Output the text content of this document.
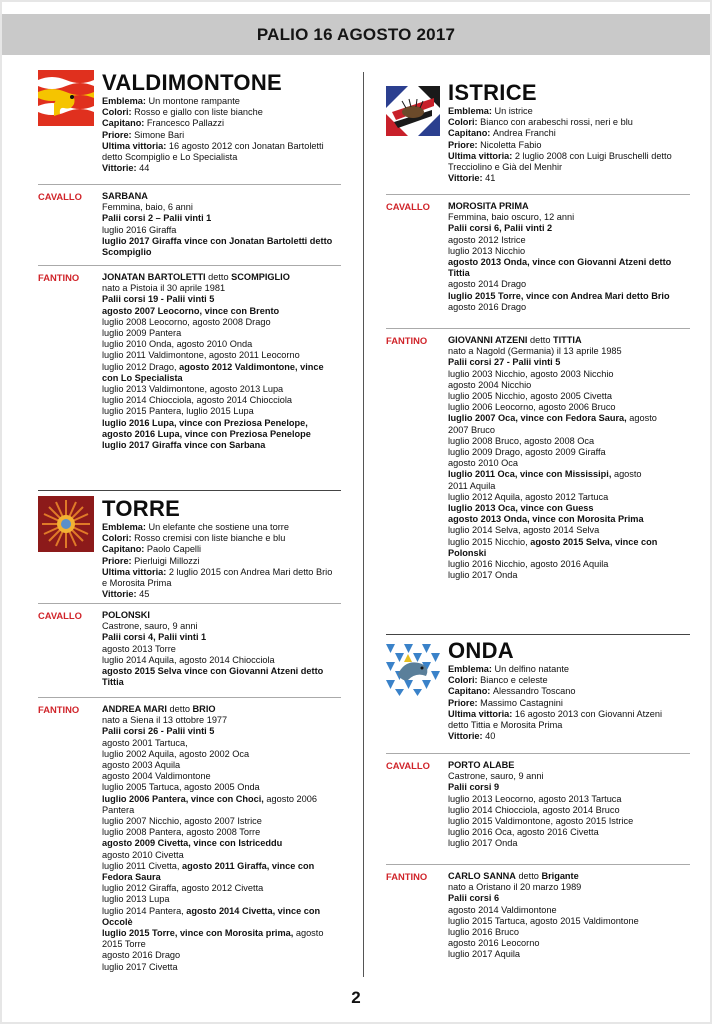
PALIO 16 AGOSTO 2017
VALDIMONTONE
Emblema: Un montone rampante
Colori: Rosso e giallo con liste bianche
Capitano: Francesco Pallazzi
Priore: Simone Bari
Ultima vittoria: 16 agosto 2012 con Jonatan Bartoletti
detto Scompiglio e Lo Specialista
Vittorie: 44
CAVALLO SARBANA
Femmina, baio, 6 anni
Palii corsi 2 – Palii vinti 1
luglio 2016 Giraffa
luglio 2017 Giraffa vince con Jonatan Bartoletti detto
Scompiglio
FANTINO JONATAN BARTOLETTI detto SCOMPIGLIO
nato a Pistoia il 30 aprile 1981
Palii corsi 19 - Palii vinti 5
agosto 2007 Leocorno, vince con Brento
luglio 2008 Leocorno, agosto 2008 Drago
luglio 2009 Pantera
luglio 2010 Onda, agosto 2010 Onda
luglio 2011 Valdimontone, agosto 2011 Leocorno
luglio 2012 Drago, agosto 2012 Valdimontone, vince
con Lo Specialista
luglio 2013 Valdimontone, agosto 2013 Lupa
luglio 2014 Chiocciola, agosto 2014 Chiocciola
luglio 2015 Pantera, luglio 2015 Lupa
luglio 2016 Lupa, vince con Preziosa Penelope,
agosto 2016 Lupa, vince con Preziosa Penelope
luglio 2017 Giraffa vince con Sarbana
TORRE
Emblema: Un elefante che sostiene una torre
Colori: Rosso cremisi con liste bianche e blu
Capitano: Paolo Capelli
Priore: Pierluigi Millozzi
Ultima vittoria: 2 luglio 2015 con Andrea Mari detto Brio
e Morosita Prima
Vittorie: 45
CAVALLO POLONSKI
Castrone, sauro, 9 anni
Palii corsi 4, Palii vinti 1
agosto 2013 Torre
luglio 2014 Aquila, agosto 2014 Chiocciola
agosto 2015 Selva vince con Giovanni Atzeni detto
Tittia
FANTINO ANDREA MARI detto BRIO
nato a Siena il 13 ottobre 1977
Palii corsi 26 - Palii vinti 5
agosto 2001 Tartuca,
luglio 2002 Aquila, agosto 2002 Oca
agosto 2003 Aquila
agosto 2004 Valdimontone
luglio 2005 Tartuca, agosto 2005 Onda
luglio 2006 Pantera, vince con Choci, agosto 2006
Pantera
luglio 2007 Nicchio, agosto 2007 Istrice
luglio 2008 Pantera, agosto 2008 Torre
agosto 2009 Civetta, vince con Istriceddu
agosto 2010 Civetta
luglio 2011 Civetta, agosto 2011 Giraffa, vince con
Fedora Saura
luglio 2012 Giraffa, agosto 2012 Civetta
luglio 2013 Lupa
luglio 2014 Pantera, agosto 2014 Civetta, vince con
Occolè
luglio 2015 Torre, vince con Morosita prima, agosto
2015 Torre
agosto 2016 Drago
luglio 2017 Civetta
ISTRICE
Emblema: Un istrice
Colori: Bianco con arabeschi rossi, neri e blu
Capitano: Andrea Franchi
Priore: Nicoletta Fabio
Ultima vittoria: 2 luglio 2008 con Luigi Bruschelli detto
Trecciolino e Già del Menhir
Vittorie: 41
CAVALLO MOROSITA PRIMA
Femmina, baio oscuro, 12 anni
Palii corsi 6, Palii vinti 2
agosto 2012 Istrice
luglio 2013 Nicchio
agosto 2013 Onda, vince con Giovanni Atzeni detto
Tittia
agosto 2014 Drago
luglio 2015 Torre, vince con Andrea Mari detto Brio
agosto 2016 Drago
FANTINO GIOVANNI ATZENI detto TITTIA
nato a Nagold (Germania) il 13 aprile 1985
Palii corsi 27 - Palii vinti 5
luglio 2003 Nicchio, agosto 2003 Nicchio
agosto 2004 Nicchio
luglio 2005 Nicchio, agosto 2005 Civetta
luglio 2006 Leocorno, agosto 2006 Bruco
luglio 2007 Oca, vince con Fedora Saura, agosto
2007 Bruco
luglio 2008 Bruco, agosto 2008 Oca
luglio 2009 Drago, agosto 2009 Giraffa
agosto 2010 Oca
luglio 2011 Oca, vince con Mississipi, agosto
2011 Aquila
luglio 2012 Aquila, agosto 2012 Tartuca
luglio 2013 Oca, vince con Guess
agosto 2013 Onda, vince con Morosita Prima
luglio 2014 Selva, agosto 2014 Selva
luglio 2015 Nicchio, agosto 2015 Selva, vince con
Polonski
luglio 2016 Nicchio, agosto 2016 Aquila
luglio 2017 Onda
ONDA
Emblema: Un delfino natante
Colori: Bianco e celeste
Capitano: Alessandro Toscano
Priore: Massimo Castagnini
Ultima vittoria: 16 agosto 2013 con Giovanni Atzeni
detto Tittia e Morosita Prima
Vittorie: 40
CAVALLO PORTO ALABE
Castrone, sauro, 9 anni
Palii corsi 9
luglio 2013 Leocorno, agosto 2013 Tartuca
luglio 2014 Chiocciola, agosto 2014 Bruco
luglio 2015 Valdimontone, agosto 2015 Istrice
luglio 2016 Oca, agosto 2016 Civetta
luglio 2017 Onda
FANTINO CARLO SANNA detto Brigante
nato a Oristano il 20 marzo 1989
Palii corsi 6
agosto 2014 Valdimontone
luglio 2015 Tartuca, agosto 2015 Valdimontone
luglio 2016 Bruco
agosto 2016 Leocorno
luglio 2017 Aquila
2
